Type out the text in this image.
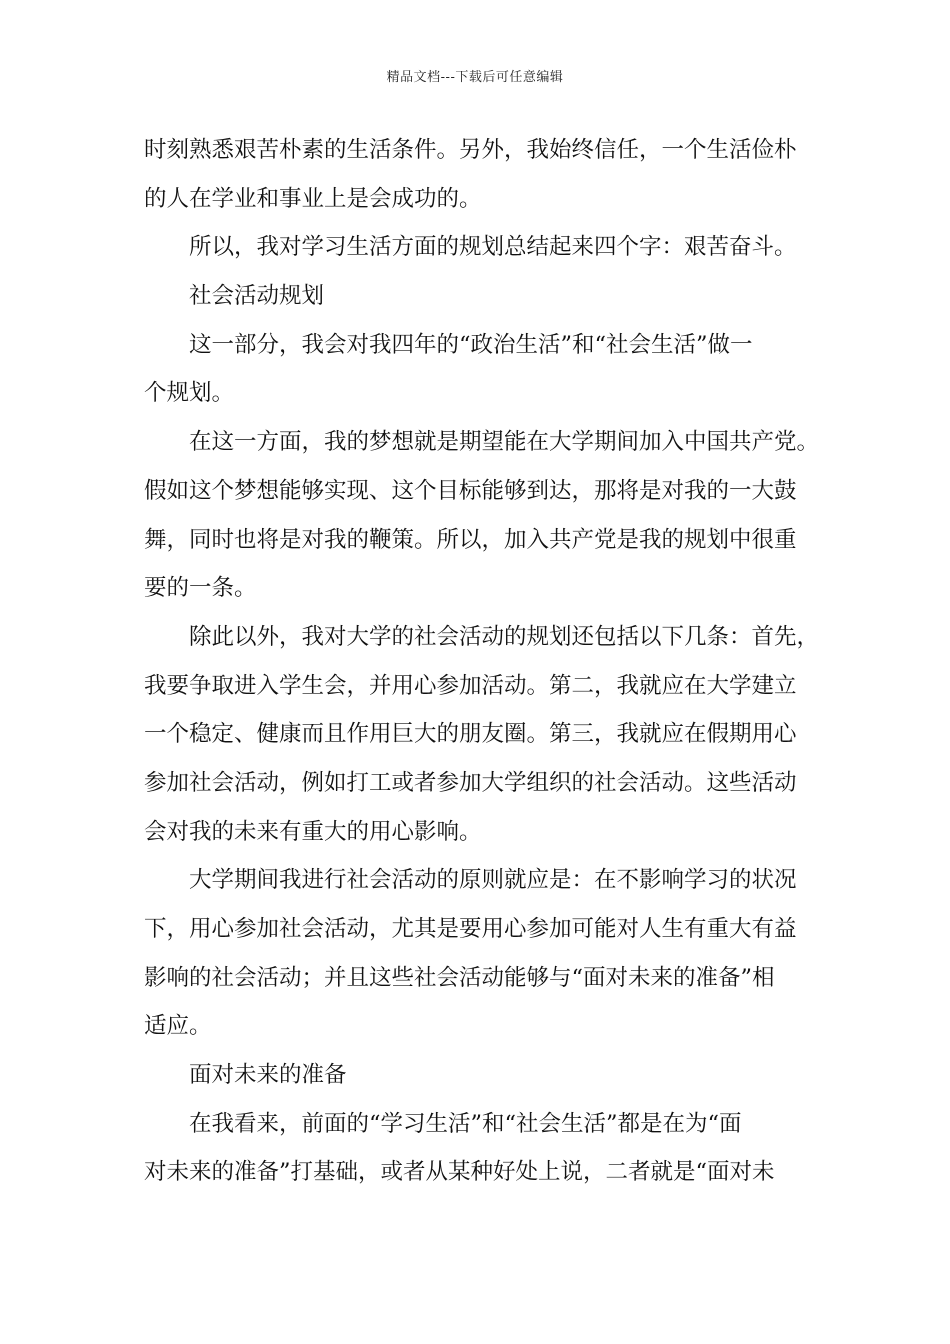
精品文档---下载后可任意编辑
时刻熟悉艰苦朴素的生活条件。另外，我始终信任，一个生活俭朴
的人在学业和事业上是会成功的。
所以，我对学习生活方面的规划总结起来四个字：艰苦奋斗。
社会活动规划
这一部分，我会对我四年的“政治生活”和“社会生活”做一
个规划。
在这一方面，我的梦想就是期望能在大学期间加入中国共产党。
假如这个梦想能够实现、这个目标能够到达，那将是对我的一大鼓
舞，同时也将是对我的鞭策。所以，加入共产党是我的规划中很重
要的一条。
除此以外，我对大学的社会活动的规划还包括以下几条：首先，
我要争取进入学生会，并用心参加活动。第二，我就应在大学建立
一个稳定、健康而且作用巨大的朋友圈。第三，我就应在假期用心
参加社会活动，例如打工或者参加大学组织的社会活动。这些活动
会对我的未来有重大的用心影响。
大学期间我进行社会活动的原则就应是：在不影响学习的状况
下，用心参加社会活动，尤其是要用心参加可能对人生有重大有益
影响的社会活动；并且这些社会活动能够与“面对未来的准备”相
适应。
面对未来的准备
在我看来，前面的“学习生活”和“社会生活”都是在为“面
对未来的准备”打基础，或者从某种好处上说，二者就是“面对未
